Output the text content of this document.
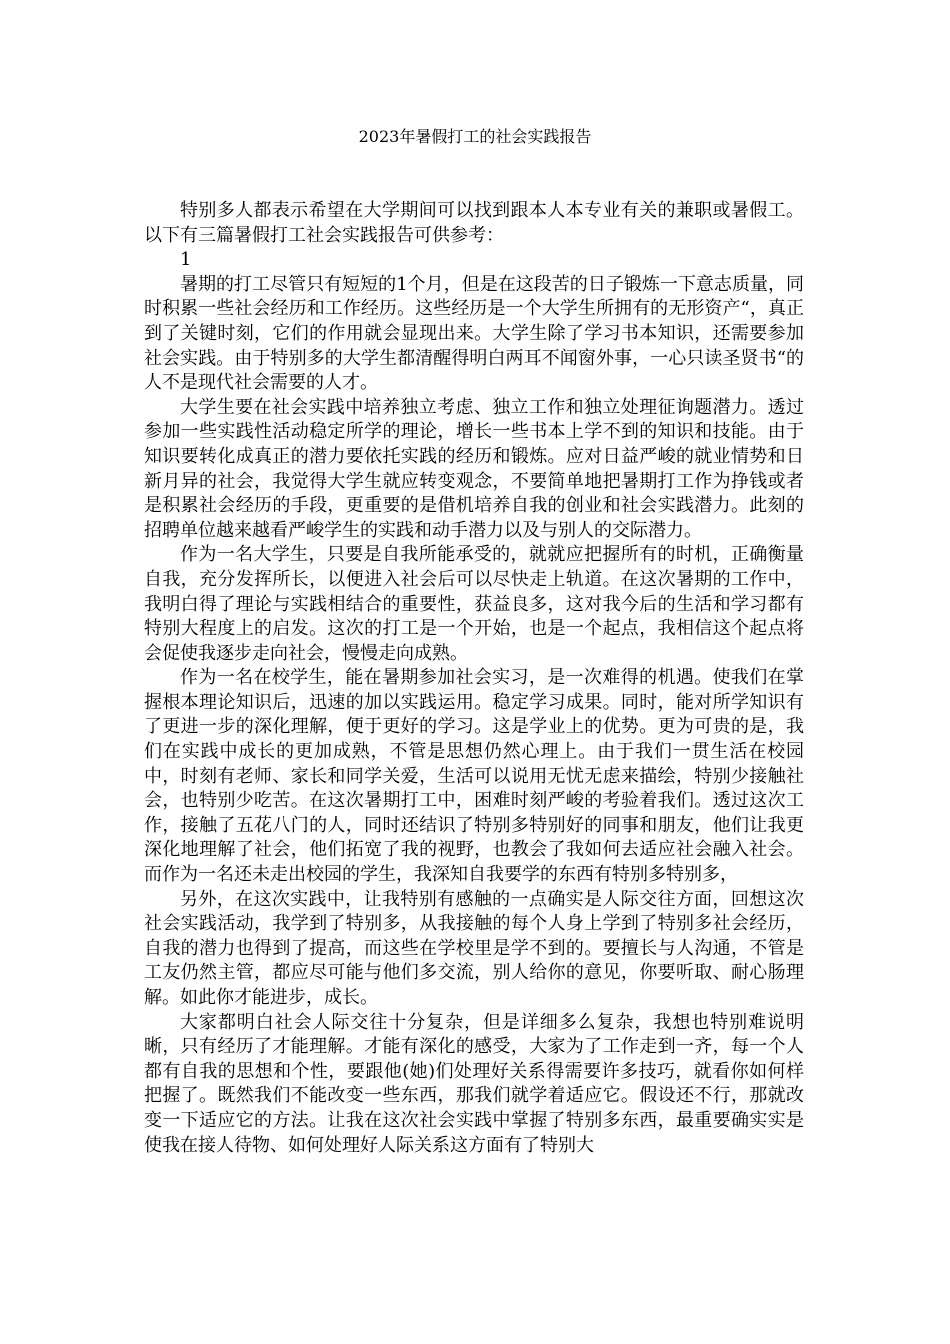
2023年暑假打工的社会实践报告

特别多人都表示希望在大学期间可以找到跟本人本专业有关的兼职或暑假工。以下有三篇暑假打工社会实践报告可供参考：

1

暑期的打工尽管只有短短的1个月，但是在这段苦的日子锻炼一下意志质量，同时积累一些社会经历和工作经历。这些经历是一个大学生所拥有的无形资产“，真正到了关键时刻，它们的作用就会显现出来。大学生除了学习书本知识，还需要参加社会实践。由于特别多的大学生都清醒得明白两耳不闻窗外事，一心只读圣贤书“的人不是现代社会需要的人才。

大学生要在社会实践中培养独立考虑、独立工作和独立处理征询题潜力。透过参加一些实践性活动稳定所学的理论，增长一些书本上学不到的知识和技能。由于知识要转化成真正的潜力要依托实践的经历和锻炼。应对日益严峻的就业情势和日新月异的社会，我觉得大学生就应转变观念，不要简单地把暑期打工作为挣钱或者是积累社会经历的手段，更重要的是借机培养自我的创业和社会实践潜力。此刻的招聘单位越来越看严峻学生的实践和动手潜力以及与别人的交际潜力。

作为一名大学生，只要是自我所能承受的，就就应把握所有的时机，正确衡量自我，充分发挥所长，以便进入社会后可以尽快走上轨道。在这次暑期的工作中，我明白得了理论与实践相结合的重要性，获益良多，这对我今后的生活和学习都有特别大程度上的启发。这次的打工是一个开始，也是一个起点，我相信这个起点将会促使我逐步走向社会，慢慢走向成熟。

作为一名在校学生，能在暑期参加社会实习，是一次难得的机遇。使我们在掌握根本理论知识后，迅速的加以实践运用。稳定学习成果。同时，能对所学知识有了更进一步的深化理解，便于更好的学习。这是学业上的优势。更为可贵的是，我们在实践中成长的更加成熟，不管是思想仍然心理上。由于我们一贯生活在校园中，时刻有老师、家长和同学关爱，生活可以说用无忧无虑来描绘，特别少接触社会，也特别少吃苦。在这次暑期打工中，困难时刻严峻的考验着我们。透过这次工作，接触了五花八门的人，同时还结识了特别多特别好的同事和朋友，他们让我更深化地理解了社会，他们拓宽了我的视野，也教会了我如何去适应社会融入社会。而作为一名还未走出校园的学生，我深知自我要学的东西有特别多特别多，

另外，在这次实践中，让我特别有感触的一点确实是人际交往方面，回想这次社会实践活动，我学到了特别多，从我接触的每个人身上学到了特别多社会经历，自我的潜力也得到了提高，而这些在学校里是学不到的。要擅长与人沟通，不管是工友仍然主管，都应尽可能与他们多交流，别人给你的意见，你要听取、耐心肠理解。如此你才能进步，成长。

大家都明白社会人际交往十分复杂，但是详细多么复杂，我想也特别难说明晰，只有经历了才能理解。才能有深化的感受，大家为了工作走到一齐，每一个人都有自我的思想和个性，要跟他(她)们处理好关系得需要许多技巧，就看你如何样把握了。既然我们不能改变一些东西，那我们就学着适应它。假设还不行，那就改变一下适应它的方法。让我在这次社会实践中掌握了特别多东西，最重要确实实是使我在接人待物、如何处理好人际关系这方面有了特别大
